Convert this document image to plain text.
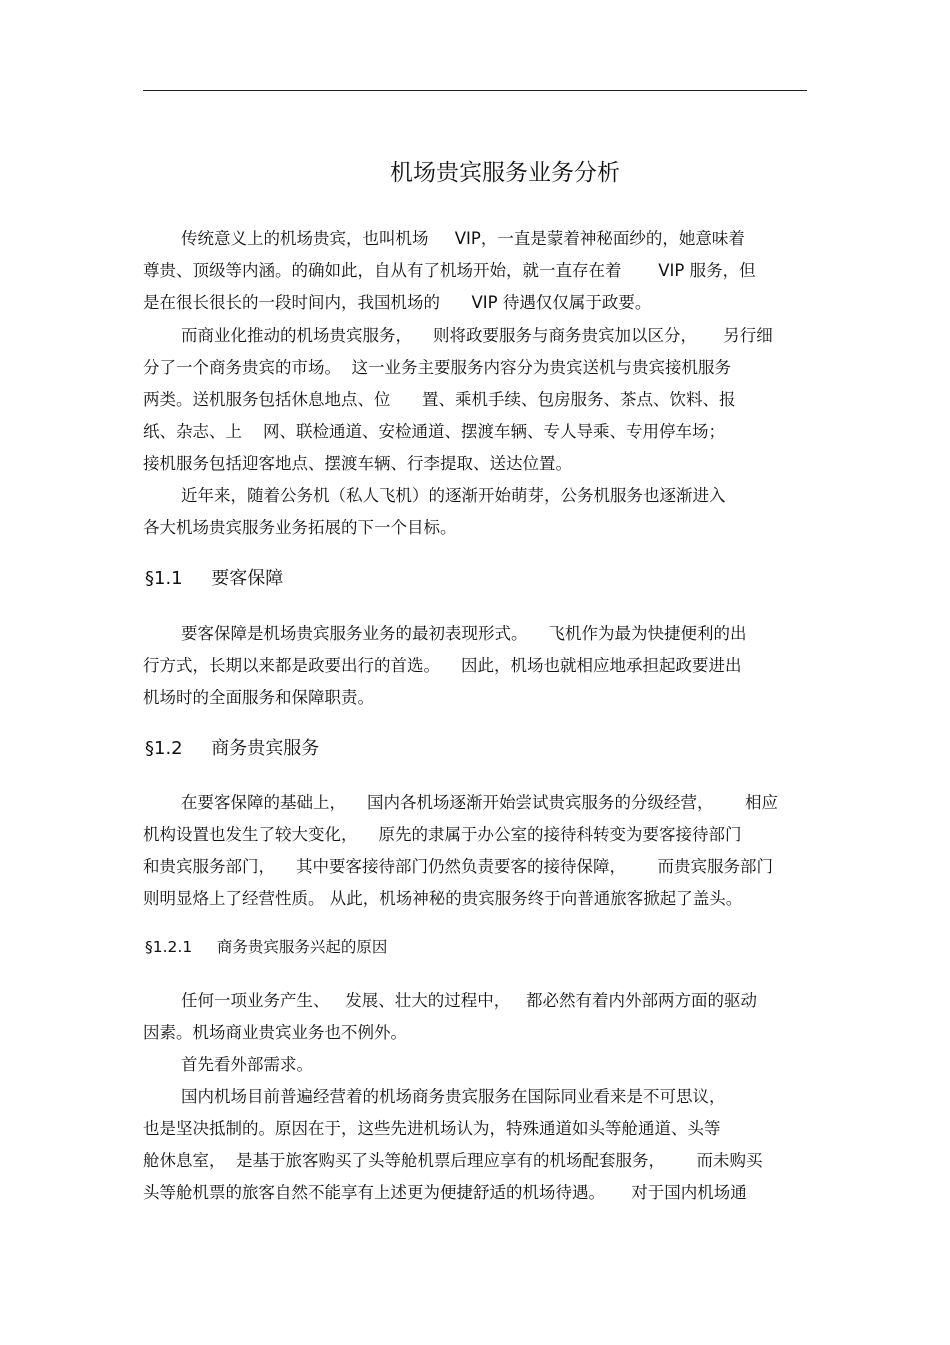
机场贵宾服务业务分析

传统意义上的机场贵宾，也叫机场     VIP，一直是蒙着神秘面纱的，她意味着

尊贵、顶级等内涵。的确如此，自从有了机场开始，就一直存在着       VIP 服务，但

是在很长很长的一段时间内，我国机场的      VIP 待遇仅仅属于政要。

而商业化推动的机场贵宾服务，    则将政要服务与商务贵宾加以区分，     另行细

分了一个商务贵宾的市场。  这一业务主要服务内容分为贵宾送机与贵宾接机服务

两类。送机服务包括休息地点、位      置、乘机手续、包房服务、茶点、饮料、报

纸、杂志、上    网、联检通道、安检通道、摆渡车辆、专人导乘、专用停车场；

接机服务包括迎客地点、摆渡车辆、行李提取、送达位置。

近年来，随着公务机（私人飞机）的逐渐开始萌芽，公务机服务也逐渐进入

各大机场贵宾服务业务拓展的下一个目标。

§1.1     要客保障

要客保障是机场贵宾服务业务的最初表现形式。    飞机作为最为快捷便利的出

行方式，长期以来都是政要出行的首选。    因此，机场也就相应地承担起政要进出

机场时的全面服务和保障职责。

§1.2     商务贵宾服务

在要客保障的基础上，    国内各机场逐渐开始尝试贵宾服务的分级经营，      相应

机构设置也发生了较大变化，    原先的隶属于办公室的接待科转变为要客接待部门

和贵宾服务部门，    其中要客接待部门仍然负责要客的接待保障，      而贵宾服务部门

则明显烙上了经营性质。 从此，机场神秘的贵宾服务终于向普通旅客掀起了盖头。

§1.2.1     商务贵宾服务兴起的原因

任何一项业务产生、   发展、壮大的过程中，   都必然有着内外部两方面的驱动

因素。机场商业贵宾业务也不例外。

首先看外部需求。

国内机场目前普遍经营着的机场商务贵宾服务在国际同业看来是不可思议，

也是坚决抵制的。原因在于，这些先进机场认为，特殊通道如头等舱通道、头等

舱休息室，  是基于旅客购买了头等舱机票后理应享有的机场配套服务，      而未购买

头等舱机票的旅客自然不能享有上述更为便捷舒适的机场待遇。     对于国内机场通
